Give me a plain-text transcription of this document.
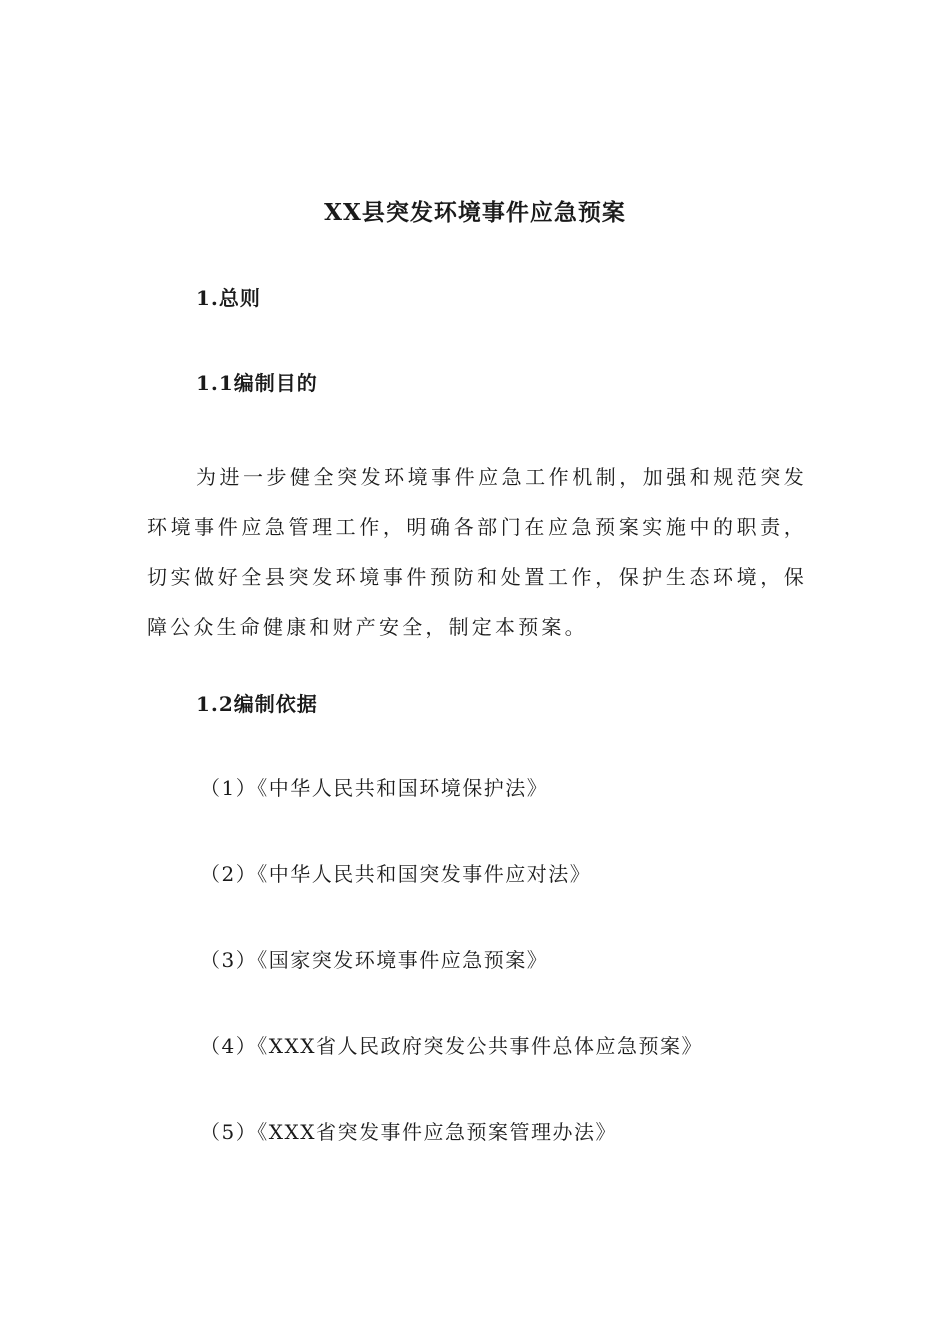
XX县突发环境事件应急预案
1.总则
1.1编制目的

为进一步健全突发环境事件应急工作机制，加强和规范突发环境事件应急管理工作，明确各部门在应急预案实施中的职责，切实做好全县突发环境事件预防和处置工作，保护生态环境，保障公众生命健康和财产安全，制定本预案。

1.2编制依据
（1）《中华人民共和国环境保护法》
（2）《中华人民共和国突发事件应对法》
（3）《国家突发环境事件应急预案》
（4）《XXX省人民政府突发公共事件总体应急预案》
（5）《XXX省突发事件应急预案管理办法》
